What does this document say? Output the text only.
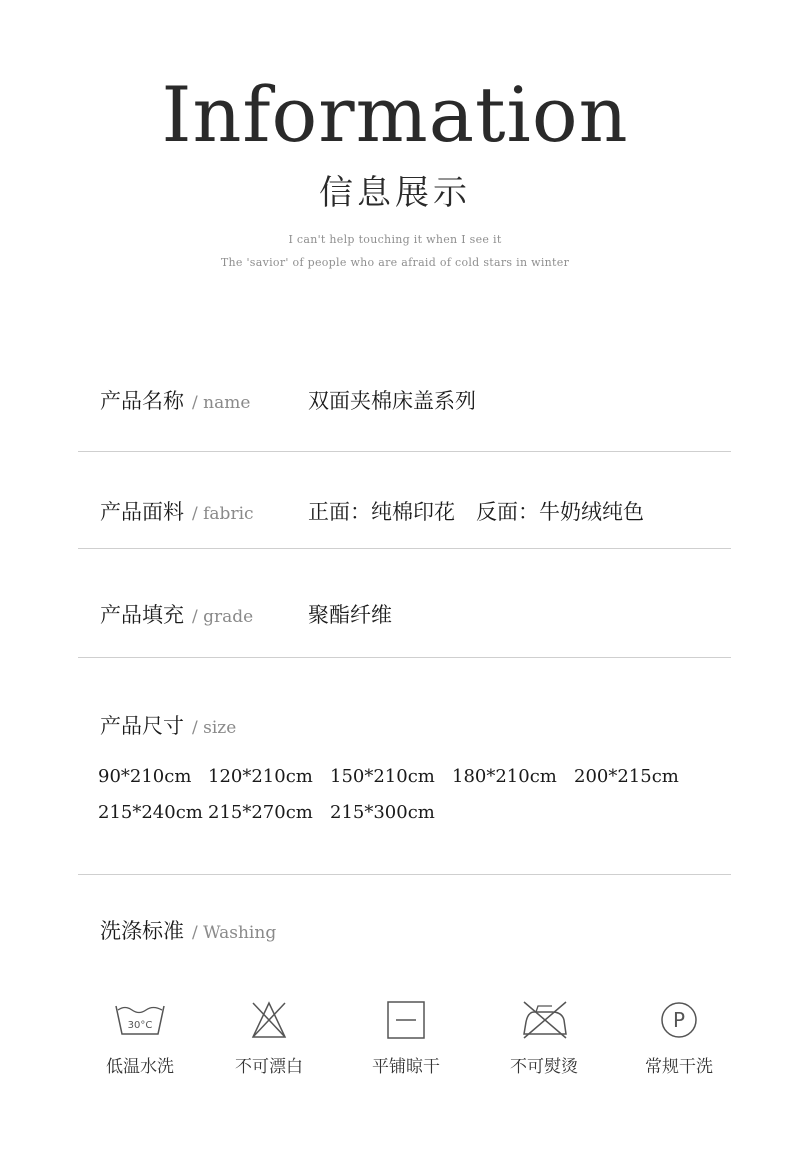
Information
信息展示
I can't help touching it when I see it
The 'savior' of people who are afraid of cold stars in winter
产品名称 / name	双面夹棉床盖系列
产品面料 / fabric	正面：纯棉印花　反面：牛奶绒纯色
产品填充 / grade	聚酯纤维
产品尺寸 / size
90*210cm 120*210cm 150*210cm 180*210cm 200*215cm
215*240cm 215*270cm 215*300cm
洗涤标准 / Washing
30°C
低温水洗	不可漂白	平铺晾干	不可熨烫
P
常规干洗
